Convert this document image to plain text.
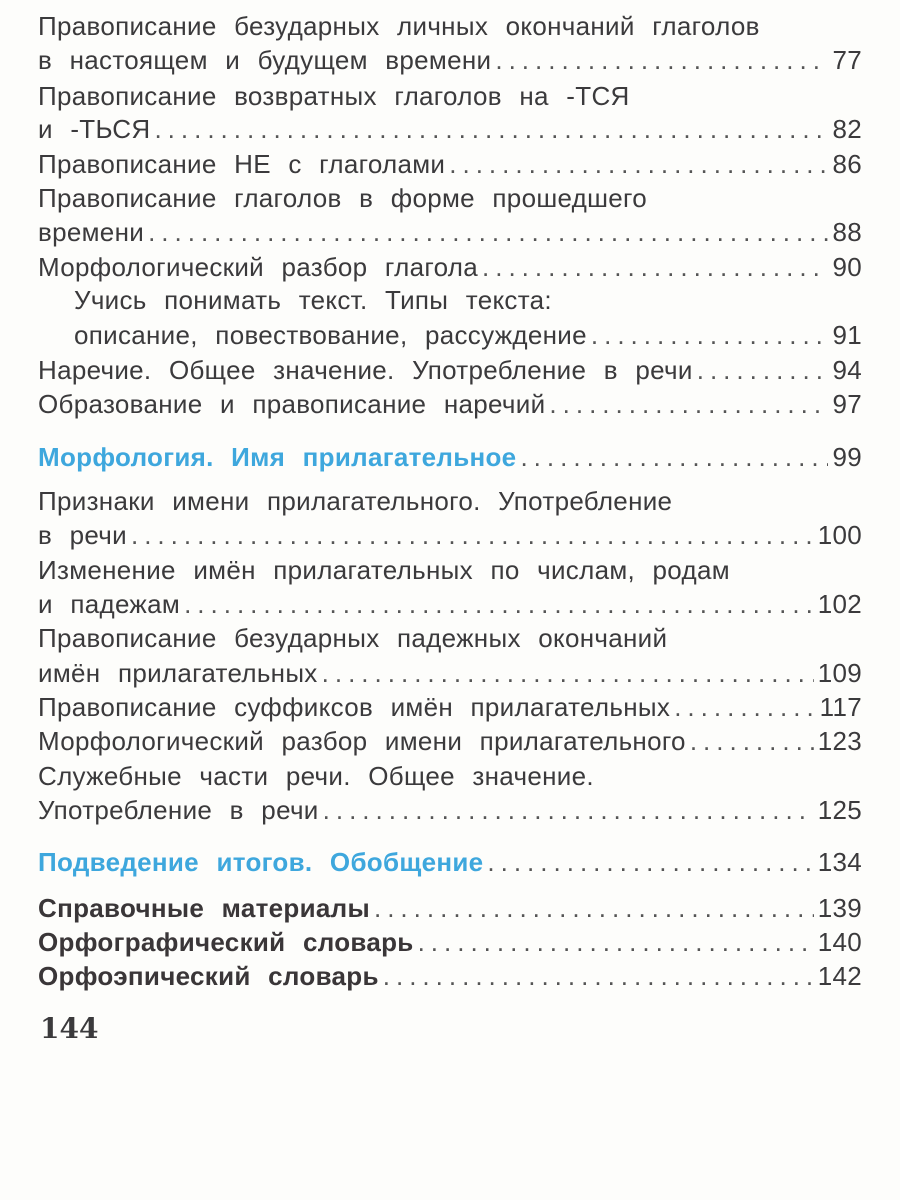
Правописание безударных личных окончаний глаголов
в настоящем и будущем времени .....	77
Правописание возвратных глаголов на -ТСЯ
и -ТЬСЯ .....	82
Правописание НЕ с глаголами .....	86
Правописание глаголов в форме прошедшего
времени .....	88
Морфологический разбор глагола .....	90
Учись понимать текст. Типы текста:
описание, повествование, рассуждение .....	91
Наречие. Общее значение. Употребление в речи .....	94
Образование и правописание наречий .....	97
Морфология. Имя прилагательное .....	99
Признаки имени прилагательного. Употребление
в речи .....	100
Изменение имён прилагательных по числам, родам
и падежам .....	102
Правописание безударных падежных окончаний
имён прилагательных .....	109
Правописание суффиксов имён прилагательных .....	117
Морфологический разбор имени прилагательного .....	123
Служебные части речи. Общее значение.
Употребление в речи .....	125
Подведение итогов. Обобщение .....	134
Справочные материалы .....	139
Орфографический словарь .....	140
Орфоэпический словарь .....	142
144
